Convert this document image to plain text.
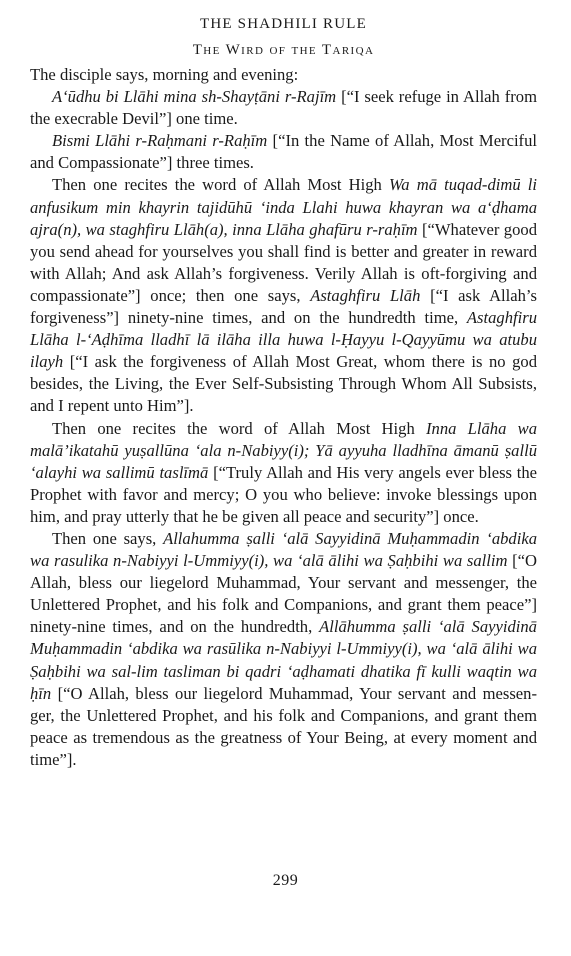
THE SHADHILI RULE
The Wird of the Tariqa

The disciple says, morning and evening:

A‘ūdhu bi Llāhi mina sh-Shayṭāni r-Rajīm [“I seek refuge in Allah from the execrable Devil”] one time.

Bismi Llāhi r-Raḥmani r-Raḥīm [“In the Name of Allah, Most Merciful and Compassionate”] three times.

Then one recites the word of Allah Most High Wa mā tuqad-dimū li anfusikum min khayrin tajidūhū ‘inda Llahi huwa khayran wa a‘ḍhama ajra(n), wa staghfiru Llāh(a), inna Llāha ghafūru r-raḥīm [“Whatever good you send ahead for yourselves you shall find is better and greater in reward with Allah; And ask Allah’s forgiveness. Verily Allah is oft-forgiving and compassionate”] once; then one says, Astaghfiru Llāh [“I ask Allah’s forgiveness”] ninety-nine times, and on the hundredth time, Astaghfiru Llāha l-‘Aḍhīma lladhī lā ilāha illa huwa l-Ḥayyu l-Qayyūmu wa atubu ilayh [“I ask the forgiveness of Allah Most Great, whom there is no god besides, the Living, the Ever Self-Subsisting Through Whom All Subsists, and I repent unto Him”].

Then one recites the word of Allah Most High Inna Llāha wa malā’ikatahū yuṣallūna ‘ala n-Nabiyy(i); Yā ayyuha lladhīna āmanū ṣallū ‘alayhi wa sallimū taslīmā [“Truly Allah and His very angels ever bless the Prophet with favor and mercy; O you who believe: invoke blessings upon him, and pray utterly that he be given all peace and security”] once.

Then one says, Allahumma ṣalli ‘alā Sayyidinā Muḥammadin ‘abdika wa rasulika n-Nabiyyi l-Ummiyy(i), wa ‘alā ālihi wa Ṣaḥbihi wa sallim [“O Allah, bless our liegelord Muhammad, Your servant and messenger, the Unlettered Prophet, and his folk and Companions, and grant them peace”] ninety-nine times, and on the hundredth, Allāhumma ṣalli ‘alā Sayyidinā Muḥammadin ‘abdika wa rasūlika n-Nabiyyi l-Ummiyy(i), wa ‘alā ālihi wa Ṣaḥbihi wa sal-lim tasliman bi qadri ‘aḍhamati dhatika fī kulli waqtin wa ḥīn [“O Allah, bless our liegelord Muhammad, Your servant and messen-ger, the Unlettered Prophet, and his folk and Companions, and grant them peace as tremendous as the greatness of Your Being, at every moment and time”].

299
